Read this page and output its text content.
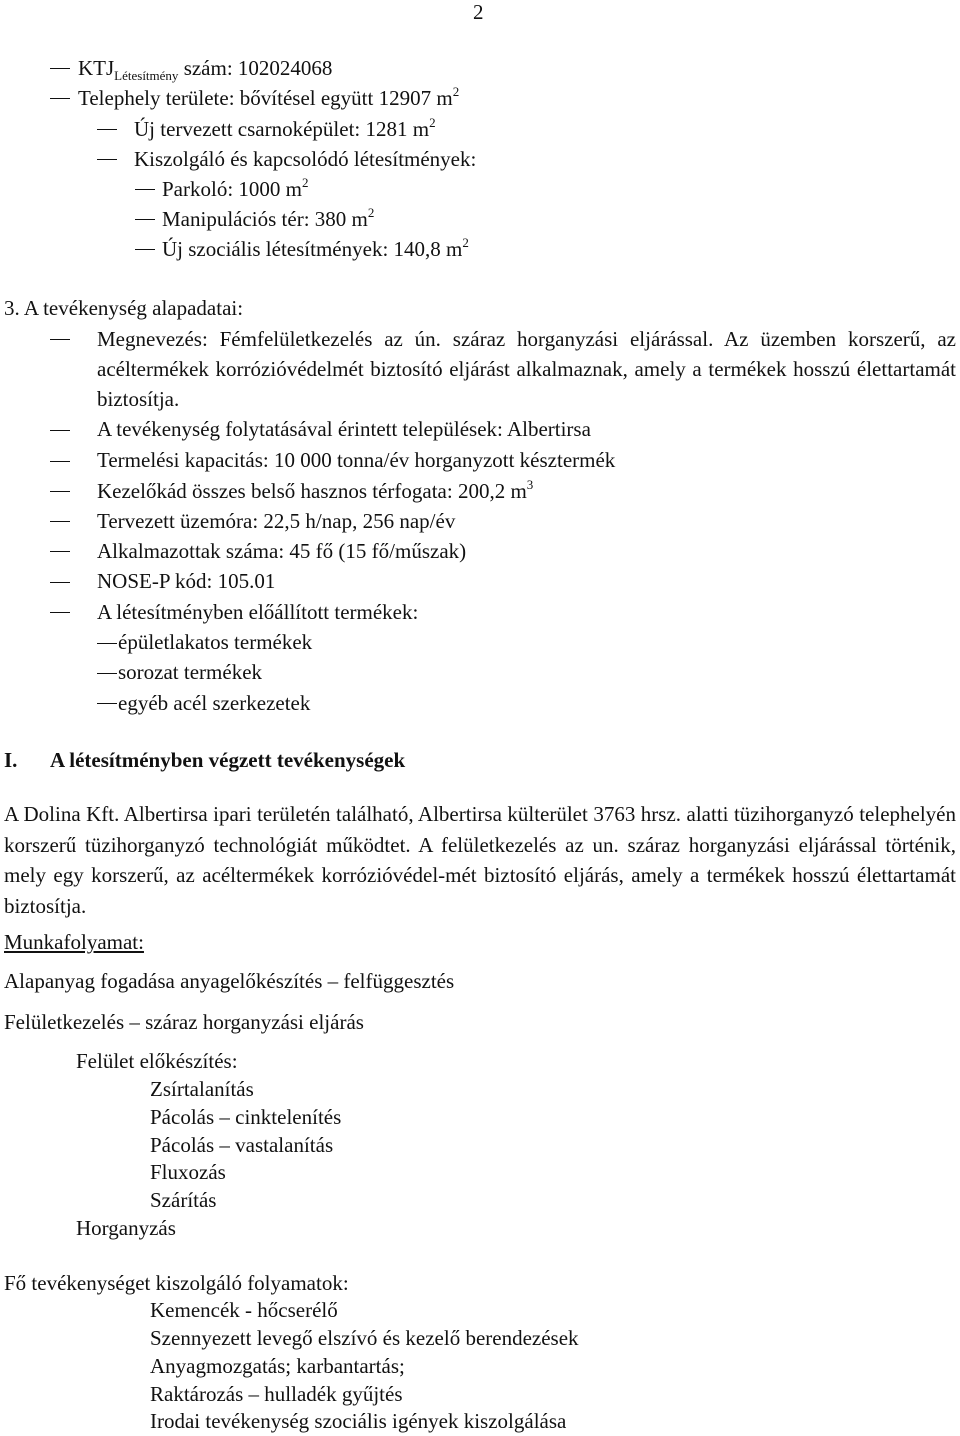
2
$KTJ_{Létesítmény}$ szám: 102024068
Telephely területe: bővítésel együtt 12907 $m^2$
Új tervezett csarnoképület: 1281 $m^2$
Kiszolgáló és kapcsolódó létesítmények:
Parkoló: 1000 $m^2$
Manipulációs tér: 380 $m^2$
Új szociális létesítmények: 140,8 $m^2$
3. A tevékenység alapadatai:
Megnevezés: Fémfelületkezelés az ún. száraz horganyzási eljárással. Az üzemben korszerű, az acéltermékek korrózióvédelmét biztosító eljárást alkalmaznak, amely a termékek hosszú élettartamát biztosítja.
A tevékenység folytatásával érintett települések: Albertirsa
Termelési kapacitás: 10 000 tonna/év horganyzott késztermék
Kezelőkád összes belső hasznos térfogata: 200,2 $m^3$
Tervezett üzemóra: 22,5 h/nap, 256 nap/év
Alkalmazottak száma: 45 fő (15 fő/műszak)
NOSE-P kód: 105.01
A létesítményben előállított termékek:
épületlakatos termékek
sorozat termékek
egyéb acél szerkezetek
I. A létesítményben végzett tevékenységek
A Dolina Kft. Albertirsa ipari területén található, Albertirsa külterület 3763 hrsz. alatti tüzihorganyzó telephelyén korszerű tüzihorganyzó technológiát működtet. A felületkezelés az un. száraz horganyzási eljárással történik, mely egy korszerű, az acéltermékek korrózióvédel-mét biztosító eljárás, amely a termékek hosszú élettartamát biztosítja.
Munkafolyamat:
Alapanyag fogadása anyagelőkészítés – felfüggesztés
Felületkezelés – száraz horganyzási eljárás
Felület előkészítés:
Zsírtalanítás
Pácolás – cinktelenítés
Pácolás – vastalanítás
Fluxozás
Szárítás
Horganyzás
Fő tevékenységet kiszolgáló folyamatok:
Kemencék - hőcserélő
Szennyezett levegő elszívó és kezelő berendezések
Anyagmozgatás; karbantartás;
Raktározás – hulladék gyűjtés
Irodai tevékenység szociális igények kiszolgálása
